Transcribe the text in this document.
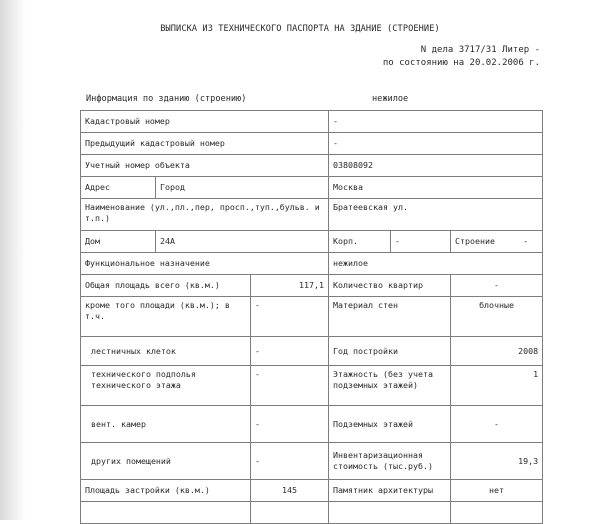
ВЫПИСКА ИЗ ТЕХНИЧЕСКОГО ПАСПОРТА НА ЗДАНИЕ (СТРОЕНИЕ)
N дела 3717/31 Литер -
по состоянию на 20.02.2006 г.
Информация по зданию (строению)	нежилое
Кадастровый номер			-		
Предыдущий кадастровый номер			-		
Учетный номер объекта			03808092		
Адрес	Город		Москва		
Наименование (ул.,пл.,пер, просп.,туп.,бульв. и т.п.)			Братеевская ул.		
Дом	24А		Корп.	-	Строение -

Функциональное назначение			нежилое		
Общая площадь всего (кв.м.)		117,1	Количество квартир		-
кроме того площади (кв.м.); в т.ч.		-	Материал стен		блочные
лестничных клеток		-	Год постройки		2008
технического подполья технического этажа		-	Этажность (без учета подземных этажей)		1
вент. камер		-	Подземных этажей		-
других помещений		-	Инвентаризационная стоимость (тыс.руб.)		19,3
Площадь застройки (кв.м.)		145	Памятник архитектуры		нет
